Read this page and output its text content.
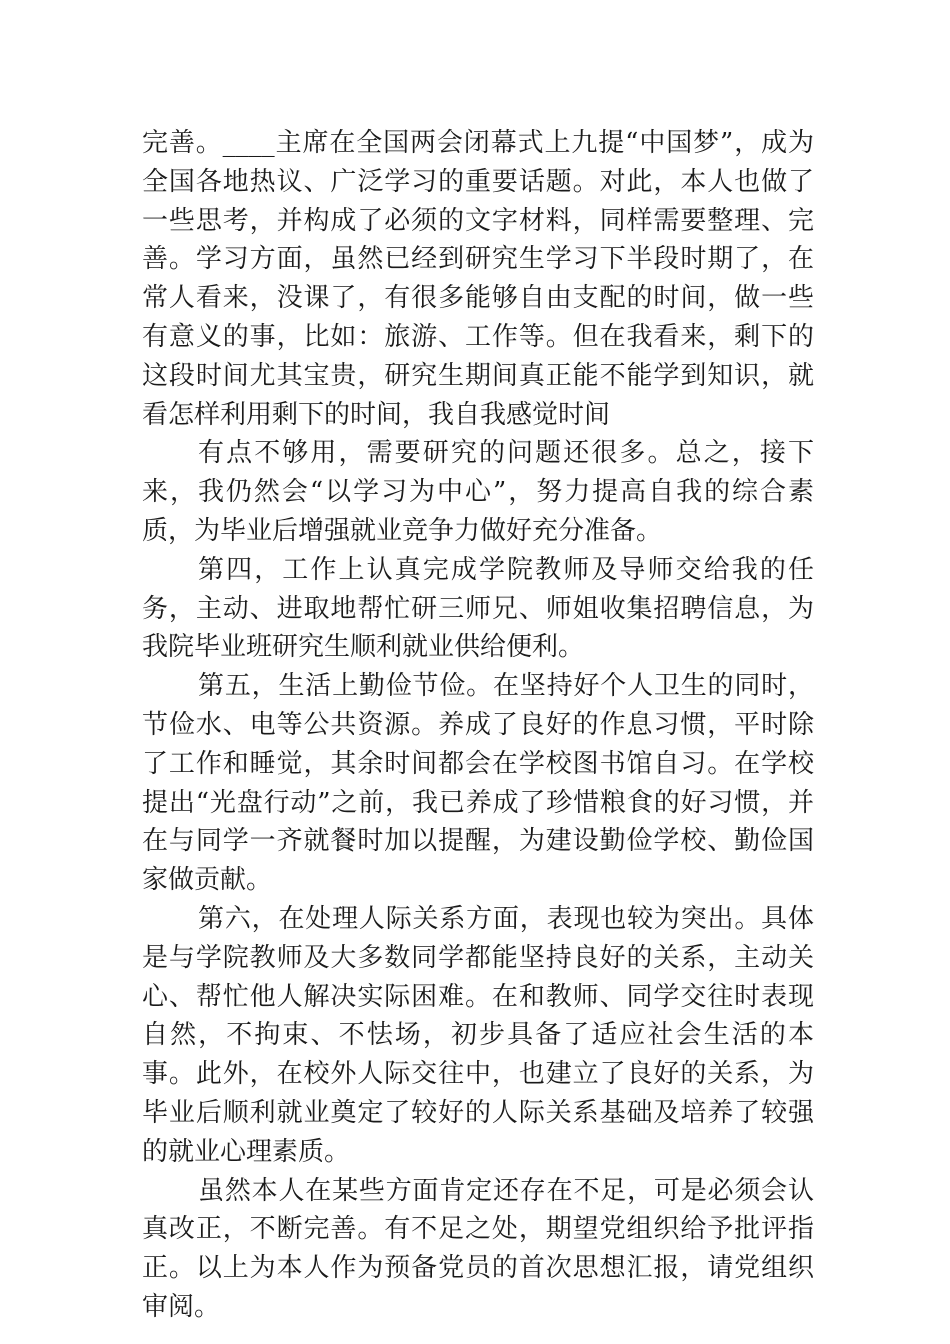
完善。____主席在全国两会闭幕式上九提“中国梦”，成为全国各地热议、广泛学习的重要话题。对此，本人也做了一些思考，并构成了必须的文字材料，同样需要整理、完善。学习方面，虽然已经到研究生学习下半段时期了，在常人看来，没课了，有很多能够自由支配的时间，做一些有意义的事，比如：旅游、工作等。但在我看来，剩下的这段时间尤其宝贵，研究生期间真正能不能学到知识，就看怎样利用剩下的时间，我自我感觉时间

有点不够用，需要研究的问题还很多。总之，接下来，我仍然会“以学习为中心”，努力提高自我的综合素质，为毕业后增强就业竞争力做好充分准备。

第四，工作上认真完成学院教师及导师交给我的任务，主动、进取地帮忙研三师兄、师姐收集招聘信息，为我院毕业班研究生顺利就业供给便利。

第五，生活上勤俭节俭。在坚持好个人卫生的同时，节俭水、电等公共资源。养成了良好的作息习惯，平时除了工作和睡觉，其余时间都会在学校图书馆自习。在学校提出“光盘行动”之前，我已养成了珍惜粮食的好习惯，并在与同学一齐就餐时加以提醒，为建设勤俭学校、勤俭国家做贡献。

第六，在处理人际关系方面，表现也较为突出。具体是与学院教师及大多数同学都能坚持良好的关系，主动关心、帮忙他人解决实际困难。在和教师、同学交往时表现自然，不拘束、不怯场，初步具备了适应社会生活的本事。此外，在校外人际交往中，也建立了良好的关系，为毕业后顺利就业奠定了较好的人际关系基础及培养了较强的就业心理素质。

虽然本人在某些方面肯定还存在不足，可是必须会认真改正，不断完善。有不足之处，期望党组织给予批评指正。以上为本人作为预备党员的首次思想汇报，请党组织审阅。
